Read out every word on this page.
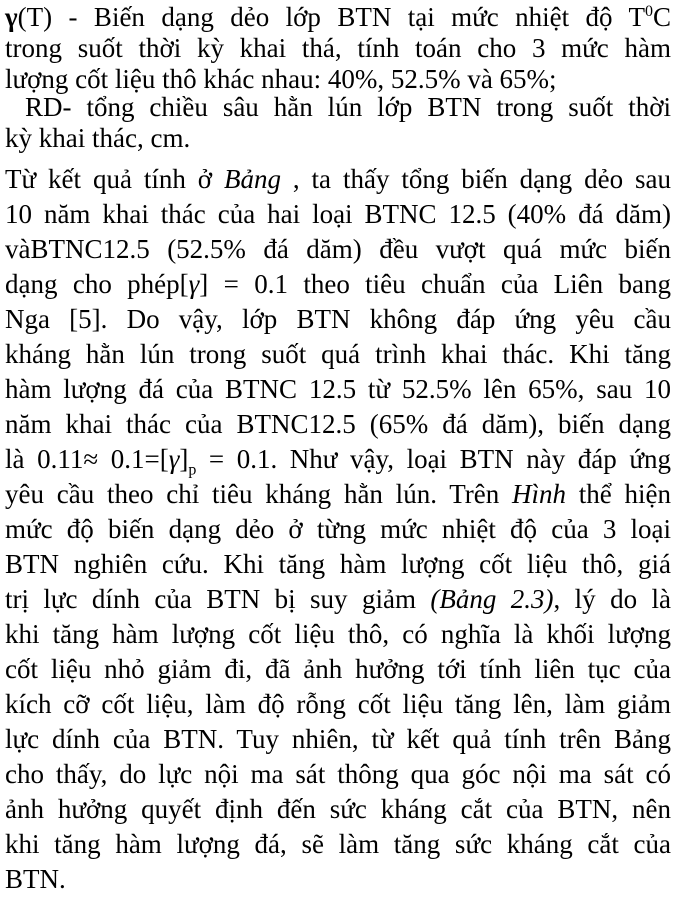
γ(T) - Biến dạng dẻo lớp BTN tại mức nhiệt độ $T^0C$
trong suốt thời kỳ khai thá, tính toán cho 3 mức hàm
lượng cốt liệu thô khác nhau: 40%, 52.5% và 65%;
RD- tổng chiều sâu hằn lún lớp BTN trong suốt thời
kỳ khai thác, cm.
Từ kết quả tính ở Bảng , ta thấy tổng biến dạng dẻo sau
10 năm khai thác của hai loại BTNC 12.5 (40% đá dăm)
vàBTNC12.5 (52.5% đá dăm) đều vượt quá mức biến
dạng cho phép[γ] = 0.1 theo tiêu chuẩn của Liên bang
Nga [5]. Do vậy, lớp BTN không đáp ứng yêu cầu
kháng hằn lún trong suốt quá trình khai thác. Khi tăng
hàm lượng đá của BTNC 12.5 từ 52.5% lên 65%, sau 10
năm khai thác của BTNC12.5 (65% đá dăm), biến dạng
là $0.11\approx 0.1=[\gamma]_p = 0.1$. Như vậy, loại BTN này đáp ứng
yêu cầu theo chỉ tiêu kháng hằn lún. Trên Hình thể hiện
mức độ biến dạng dẻo ở từng mức nhiệt độ của 3 loại
BTN nghiên cứu. Khi tăng hàm lượng cốt liệu thô, giá
trị lực dính của BTN bị suy giảm (Bảng 2.3), lý do là
khi tăng hàm lượng cốt liệu thô, có nghĩa là khối lượng
cốt liệu nhỏ giảm đi, đã ảnh hưởng tới tính liên tục của
kích cỡ cốt liệu, làm độ rỗng cốt liệu tăng lên, làm giảm
lực dính của BTN. Tuy nhiên, từ kết quả tính trên Bảng
cho thấy, do lực nội ma sát thông qua góc nội ma sát có
ảnh hưởng quyết định đến sức kháng cắt của BTN, nên
khi tăng hàm lượng đá, sẽ làm tăng sức kháng cắt của
BTN.
